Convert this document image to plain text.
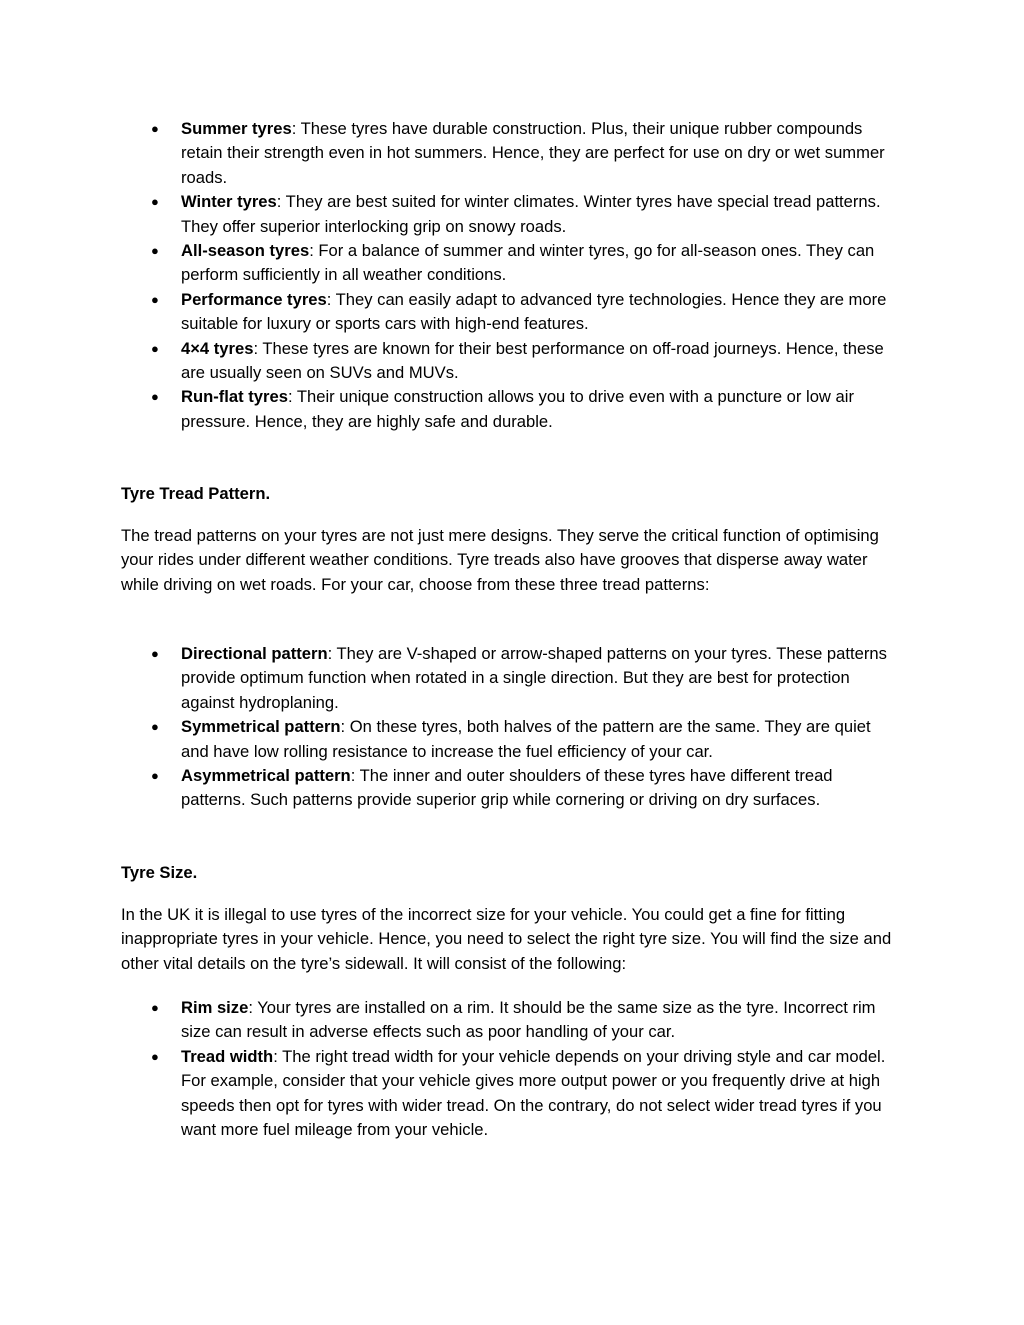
● Summer tyres: These tyres have durable construction. Plus, their unique rubber compounds retain their strength even in hot summers. Hence, they are perfect for use on dry or wet summer roads.
● Winter tyres: They are best suited for winter climates. Winter tyres have special tread patterns. They offer superior interlocking grip on snowy roads.
● All-season tyres: For a balance of summer and winter tyres, go for all-season ones. They can perform sufficiently in all weather conditions.
● Performance tyres: They can easily adapt to advanced tyre technologies. Hence they are more suitable for luxury or sports cars with high-end features.
● 4×4 tyres: These tyres are known for their best performance on off-road journeys. Hence, these are usually seen on SUVs and MUVs.
● Run-flat tyres: Their unique construction allows you to drive even with a puncture or low air pressure. Hence, they are highly safe and durable.

Tyre Tread Pattern.

The tread patterns on your tyres are not just mere designs. They serve the critical function of optimising your rides under different weather conditions. Tyre treads also have grooves that disperse away water while driving on wet roads. For your car, choose from these three tread patterns:

● Directional pattern: They are V-shaped or arrow-shaped patterns on your tyres. These patterns provide optimum function when rotated in a single direction. But they are best for protection against hydroplaning.
● Symmetrical pattern: On these tyres, both halves of the pattern are the same. They are quiet and have low rolling resistance to increase the fuel efficiency of your car.
● Asymmetrical pattern: The inner and outer shoulders of these tyres have different tread patterns. Such patterns provide superior grip while cornering or driving on dry surfaces.

Tyre Size.

In the UK it is illegal to use tyres of the incorrect size for your vehicle. You could get a fine for fitting inappropriate tyres in your vehicle. Hence, you need to select the right tyre size. You will find the size and other vital details on the tyre’s sidewall. It will consist of the following:

● Rim size: Your tyres are installed on a rim. It should be the same size as the tyre. Incorrect rim size can result in adverse effects such as poor handling of your car.
● Tread width: The right tread width for your vehicle depends on your driving style and car model. For example, consider that your vehicle gives more output power or you frequently drive at high speeds then opt for tyres with wider tread. On the contrary, do not select wider tread tyres if you want more fuel mileage from your vehicle.
